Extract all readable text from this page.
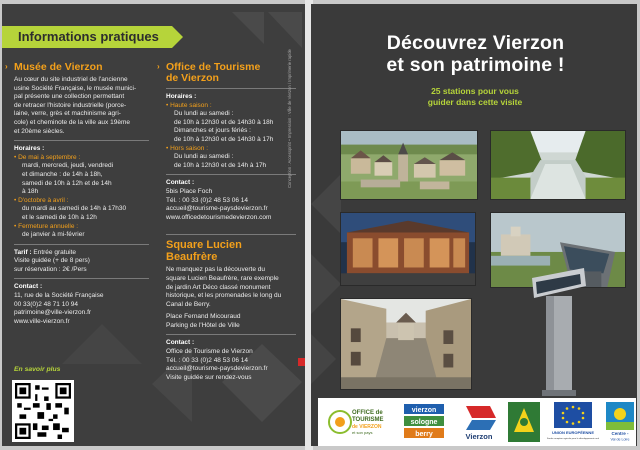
Informations pratiques
Musée de Vierzon
Au cœur du site industriel de l'ancienne
usine Société Française, le musée munici-
pal présente une collection permettant
de retracer l'histoire industrielle (porce-
laine, verre, grès et machinisme agri-
cole) et cheminote de la ville aux 19ème
et 20ème siècles.
Horaires :
• De mai à septembre :
mardi, mercredi, jeudi, vendredi
et dimanche : de 14h à 18h,
samedi de 10h à 12h et de 14h
à 18h
• D'octobre à avril :
du mardi au samedi de 14h à 17h30
et le samedi de 10h à 12h
• Fermeture annuelle :
de janvier à mi-février
Tarif : Entrée gratuite
Visite guidée (+ de 8 pers)
sur réservation : 2€ /Pers
Contact :
11, rue de la Société Française
00 33(0)2 48 71 10 94
patrimoine@ville-vierzon.fr
www.ville-vierzon.fr
›	Office de Tourisme
de Vierzon
Horaires :
• Haute saison :
Du lundi au samedi :
de 10h à 12h30 et de 14h30 à 18h
Dimanches et jours fériés :
de 10h à 12h30 et de 14h30 à 17h
• Hors saison :
Du lundi au samedi :
de 10h à 12h30 et de 14h à 17h
Contact :
5bis Place Foch
Tél. : 00 33 (0)2 48 53 06 14
accueil@tourisme-paysdevierzon.fr
www.officedetourismedevierzon.com
Square Lucien
Beaufrère
Ne manquez pas la découverte du
square Lucien Beaufrère, rare exemple
de jardin Art Déco classé monument
historique, et les promenades le long du
Canal de Berry.
Place Fernand Micouraud
Parking de l'Hôtel de Ville
Contact :
Office de Tourisme de Vierzon
Tél. : 00 33 (0)2 48 53 06 14
accueil@tourisme-paysdevierzon.fr
Visite guidée sur rendez-vous
›
En savoir plus
Conception : Accessprint • Impression : Ville de Vierzon / Imprimerie rapide
Découvrez Vierzon
et son patrimoine !
25 stations pour vous
guider dans cette visite
OFFICE de
TOURISME
de VIERZON
et son pays
vierzon
sologne
berry	Vierzon	UNION EUROPÉENNE
Fonds européen agricole pour le développement rural
Centre -
Val de Loire
